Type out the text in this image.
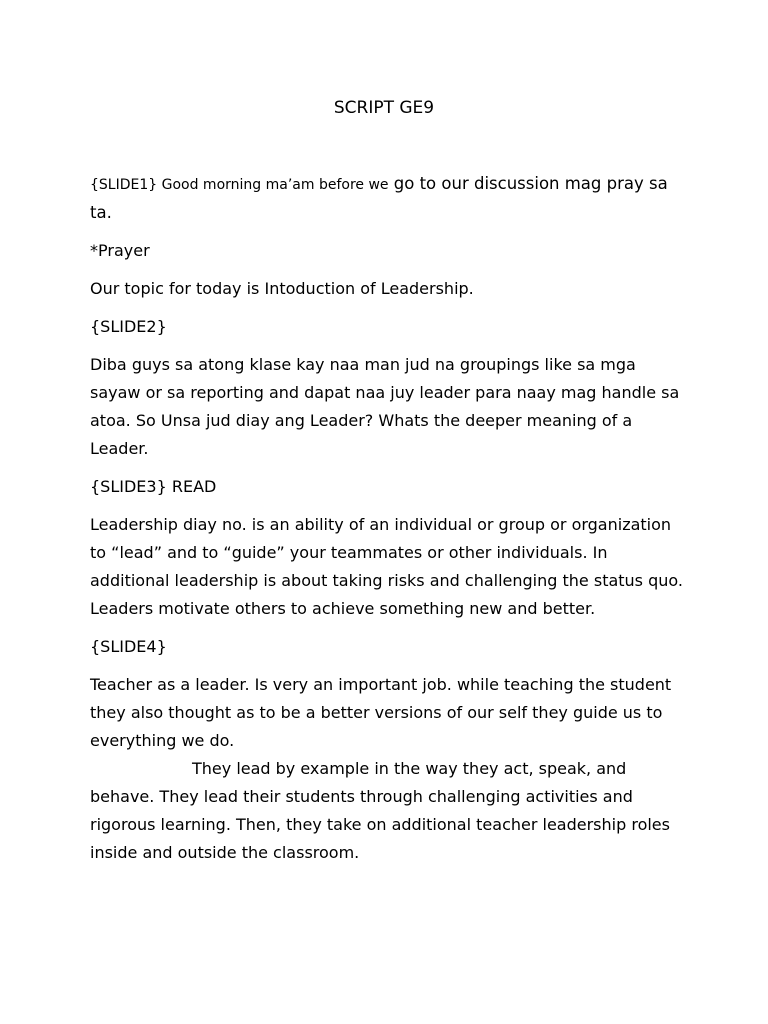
SCRIPT GE9
{SLIDE1} Good morning ma’am before we go to our discussion mag pray sa ta.
*Prayer
Our topic for today is Intoduction of Leadership.
{SLIDE2}
Diba guys sa atong klase kay naa man jud na groupings like sa mga sayaw or sa reporting and dapat naa juy leader para naay mag handle sa atoa. So Unsa jud diay ang Leader? Whats the deeper meaning of a Leader.
{SLIDE3} READ
Leadership diay no. is an ability of an individual or group or organization to “lead” and to “guide” your teammates or other individuals. In additional leadership is about taking risks and challenging the status quo. Leaders motivate others to achieve something new and better.
{SLIDE4}
Teacher as a leader. Is very an important job. while teaching the student they also thought as to be a better versions of our self they guide us to everything we do.
They lead by example in the way they act, speak, and behave. They lead their students through challenging activities and rigorous learning. Then, they take on additional teacher leadership roles inside and outside the classroom.
